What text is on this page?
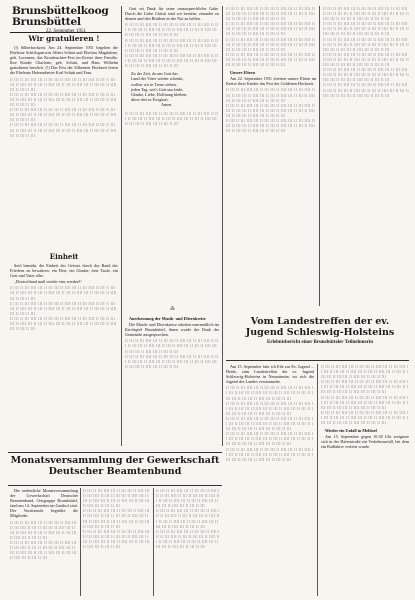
Brunsbüttelkoog
Brunsbüttel
22. September 1951
Wir gratulieren !

(!) Silberhochzeit. Am 24. September 1951 begehen die Eheleute Schiffsgastwirt Albert Schütt und Ehefrau Magdalene, geb. Lorenzen, das Kronleuchter-Fest im Kreise ihrer Familie. Ihre Kinder Charlotte, geb. Schütt, und Hans Wilhelm gratulieren herzlich. (!) Das Fest der Silbernen Hochzeit feiern die Eheleute Hafenarbeiter Karl Schütt und Frau.

ll lll ll lll llll lll ll lll lll ll llll lll ll lll llll ll lll ll lll lll ll llll lll ll lll ll llll lll ll lll ll llll lll ll lll lll ll llll lll ll lll ll lll
ll lll ll lll llll lll ll lll lll ll llll lll ll lll llll ll lll ll lll lll ll llll lll ll lll ll llll lll ll lll ll llll lll ll lll lll ll llll lll ll lll ll lll
ll lll ll lll llll lll ll lll lll ll llll lll ll lll llll ll lll ll lll lll ll llll lll ll lll ll llll lll ll lll ll llll lll ll lll lll ll llll lll ll lll ll lll
ll lll ll lll llll lll ll lll lll ll llll lll ll lll llll ll lll ll lll lll ll llll lll ll lll ll llll lll ll lll ll llll lll ll lll lll ll llll lll ll lll ll lll
Einheit

Seid bemüht, die Einheit des Geistes durch das Band des Friedens zu bewahren; ein Herr, ein Glaube, eine Taufe, ein Gott und Vater aller.

„Deutschland muß wieder eins werden!“

ll lll ll lll llll lll ll lll lll ll llll lll ll lll llll ll lll ll lll lll ll llll lll ll lll ll llll lll ll lll ll llll lll ll lll lll ll llll lll ll lll ll lll
ll lll ll lll llll lll ll lll lll ll llll lll ll lll llll ll lll ll lll lll ll llll lll ll lll ll llll lll ll lll ll llll lll ll lll lll ll llll lll ll lll ll lll
ll lll ll lll llll lll ll lll lll ll llll lll ll lll llll ll lll ll lll lll ll llll lll ll lll ll llll lll ll lll ll llll lll ll lll lll ll llll lll ll lll ll lll

Gott sei Dank für seine unaussprechliche Gabe. Durch die Liebe Christi sind wir berufen, einander zu dienen und den Brüdern in der Not zu helfen.

ll lll ll lll llll lll ll lll lll ll llll lll ll lll llll ll lll ll lll lll ll llll lll ll lll ll llll lll ll lll ll llll lll ll lll lll ll llll lll ll lll ll lll
ll lll ll lll llll lll ll lll lll ll llll lll ll lll llll ll lll ll lll lll ll llll lll ll lll ll llll lll ll lll ll llll lll ll lll lll ll llll lll ll lll ll lll
ll lll ll lll llll lll ll lll lll ll llll lll ll lll llll ll lll ll lll lll ll llll lll ll lll ll llll lll ll lll ll llll lll ll lll lll ll llll lll ll lll ll lll
Zu der Zeit, da uns Gott das
Land der Väter wieder schenkt,
wollen wir in Treue stehen,
jeden Tag, wie's Gott uns lenkt.
Glaube, Liebe, Hoffnung bleiben,
diese drei in Ewigkeit.
Amen.
ll lll ll lll llll lll ll lll lll ll llll lll ll lll llll ll lll ll lll lll ll llll lll ll lll ll llll lll ll lll ll llll lll ll lll lll ll llll lll ll lll ll lll
⁂

Anerkennung der Musik- und Elternkreise

Die Musik- und Elternkreise arbeiten unermüdlich im Kirchspiel Brunsbüttel; ihnen wurde der Dank der Gemeinde ausgesprochen.

ll lll ll lll llll lll ll lll lll ll llll lll ll lll llll ll lll ll lll lll ll llll lll ll lll ll llll lll ll lll ll llll lll ll lll lll ll llll lll ll lll ll lll
ll lll ll lll llll lll ll lll lll ll llll lll ll lll llll ll lll ll lll lll ll llll lll ll lll ll llll lll ll lll ll llll lll ll lll lll ll llll lll ll lll ll lll
ll lll ll lll llll lll ll lll lll ll llll lll ll lll llll ll lll ll lll lll ll llll lll ll lll ll llll lll ll lll ll llll lll ll lll lll ll llll lll ll lll ll lll
ll lll ll lll llll lll ll lll lll ll llll lll ll lll llll ll lll ll lll lll ll llll lll ll lll ll llll lll ll lll ll llll lll ll lll lll ll llll lll ll lll ll lll
ll lll ll lll llll lll ll lll lll ll llll lll ll lll llll ll lll ll lll lll ll llll lll ll lll ll llll lll ll lll ll llll lll ll lll lll ll llll lll ll lll ll lll
ll lll ll lll llll lll ll lll lll ll llll lll ll lll llll ll lll ll lll lll ll llll lll ll lll ll llll lll ll lll ll llll lll ll lll lll ll llll lll ll lll ll lll

Unsere Eltern

Am 22. September 1951 feierten unsere Eltern im Kreise ihrer Kinder das Fest der Goldenen Hochzeit.

ll lll ll lll llll lll ll lll lll ll llll lll ll lll llll ll lll ll lll lll ll llll lll ll lll ll llll lll ll lll ll llll lll ll lll lll ll llll lll ll lll ll lll
ll lll ll lll llll lll ll lll lll ll llll lll ll lll llll ll lll ll lll lll ll llll lll ll lll ll llll lll ll lll ll llll lll ll lll lll ll llll lll ll lll ll lll
ll lll ll lll llll lll ll lll lll ll llll lll ll lll llll ll lll ll lll lll ll llll lll ll lll ll llll lll ll lll ll llll lll ll lll lll ll llll lll ll lll ll lll
ll lll ll lll llll lll ll lll lll ll llll lll ll lll llll ll lll ll lll lll ll llll lll ll lll ll llll lll ll lll ll llll lll ll lll lll ll llll lll ll lll ll lll
ll lll ll lll llll lll ll lll lll ll llll lll ll lll llll ll lll ll lll lll ll llll lll ll lll ll llll lll ll lll ll llll lll ll lll lll ll llll lll ll lll ll lll
ll lll ll lll llll lll ll lll lll ll llll lll ll lll llll ll lll ll lll lll ll llll lll ll lll ll llll lll ll lll ll llll lll ll lll lll ll llll lll ll lll ll lll
ll lll ll lll llll lll ll lll lll ll llll lll ll lll llll ll lll ll lll lll ll llll lll ll lll ll llll lll ll lll ll llll lll ll lll lll ll llll lll ll lll ll lll
ll lll ll lll llll lll ll lll lll ll llll lll ll lll llll ll lll ll lll lll ll llll lll ll lll ll llll lll ll lll ll llll lll ll lll lll ll llll lll ll lll ll lll
ll lll ll lll llll lll ll lll lll ll llll lll ll lll llll ll lll ll lll lll ll llll lll ll lll ll llll lll ll lll ll llll lll ll lll lll ll llll lll ll lll ll lll
Vom Landestreffen der ev. Jugend Schleswig-Holsteins
Erlebnisbericht einer Brunsbütteler Teilnehmerin

Am 15. September fuhr ich Eile zur Ev. Jugend ... Heide, zum Landestreffen der ev. Jugend Schleswig-Holsteins in Neumünster, wo sich die Jugend des Landes versammelte.

ll lll ll lll llll lll ll lll lll ll llll lll ll lll llll ll lll ll lll lll ll llll lll ll lll ll llll lll ll lll ll llll lll ll lll lll ll llll lll ll lll ll lll
ll lll ll lll llll lll ll lll lll ll llll lll ll lll llll ll lll ll lll lll ll llll lll ll lll ll llll lll ll lll ll llll lll ll lll lll ll llll lll ll lll ll lll
ll lll ll lll llll lll ll lll lll ll llll lll ll lll llll ll lll ll lll lll ll llll lll ll lll ll llll lll ll lll ll llll lll ll lll lll ll llll lll ll lll ll lll
ll lll ll lll llll lll ll lll lll ll llll lll ll lll llll ll lll ll lll lll ll llll lll ll lll ll llll lll ll lll ll llll lll ll lll lll ll llll lll ll lll ll lll
ll lll ll lll llll lll ll lll lll ll llll lll ll lll llll ll lll ll lll lll ll llll lll ll lll ll llll lll ll lll ll llll lll ll lll lll ll llll lll ll lll ll lll
ll lll ll lll llll lll ll lll lll ll llll lll ll lll llll ll lll ll lll lll ll llll lll ll lll ll llll lll ll lll ll llll lll ll lll lll ll llll lll ll lll ll lll
ll lll ll lll llll lll ll lll lll ll llll lll ll lll llll ll lll ll lll lll ll llll lll ll lll ll llll lll ll lll ll llll lll ll lll lll ll llll lll ll lll ll lll
ll lll ll lll llll lll ll lll lll ll llll lll ll lll llll ll lll ll lll lll ll llll lll ll lll ll llll lll ll lll ll llll lll ll lll lll ll llll lll ll lll ll lll
ll lll ll lll llll lll ll lll lll ll llll lll ll lll llll ll lll ll lll lll ll llll lll ll lll ll llll lll ll lll ll llll lll ll lll lll ll llll lll ll lll ll lll

Wieder ein Unfall in Meldorf

Am 15. September gegen 16.30 Uhr ereignete sich in der Hafenstraße ein Verkehrsunfall, bei dem ein Radfahrer verletzt wurde.

Monatsversammlung der Gewerkschaft Deutscher Beamtenbund

Die ordentliche Monatsversammlung der Gewerkschaft Deutscher Beamtenbund, Ortsgruppe Brunsbüttel, fand am 14. September im Gasthof statt. Der Vorsitzende begrüßte die Mitglieder.

ll lll ll lll llll lll ll lll lll ll llll lll ll lll llll ll lll ll lll lll ll llll lll ll lll ll llll lll ll lll ll llll lll ll lll lll ll llll lll ll lll ll lll
ll lll ll lll llll lll ll lll lll ll llll lll ll lll llll ll lll ll lll lll ll llll lll ll lll ll llll lll ll lll ll llll lll ll lll lll ll llll lll ll lll ll lll
ll lll ll lll llll lll ll lll lll ll llll lll ll lll llll ll lll ll lll lll ll llll lll ll lll ll llll lll ll lll ll llll lll ll lll lll ll llll lll ll lll ll lll
ll lll ll lll llll lll ll lll lll ll llll lll ll lll llll ll lll ll lll lll ll llll lll ll lll ll llll lll ll lll ll llll lll ll lll lll ll llll lll ll lll ll lll
ll lll ll lll llll lll ll lll lll ll llll lll ll lll llll ll lll ll lll lll ll llll lll ll lll ll llll lll ll lll ll llll lll ll lll lll ll llll lll ll lll ll lll
ll lll ll lll llll lll ll lll lll ll llll lll ll lll llll ll lll ll lll lll ll llll lll ll lll ll llll lll ll lll ll llll lll ll lll lll ll llll lll ll lll ll lll
ll lll ll lll llll lll ll lll lll ll llll lll ll lll llll ll lll ll lll lll ll llll lll ll lll ll llll lll ll lll ll llll lll ll lll lll ll llll lll ll lll ll lll
ll lll ll lll llll lll ll lll lll ll llll lll ll lll llll ll lll ll lll lll ll llll lll ll lll ll llll lll ll lll ll llll lll ll lll lll ll llll lll ll lll ll lll
